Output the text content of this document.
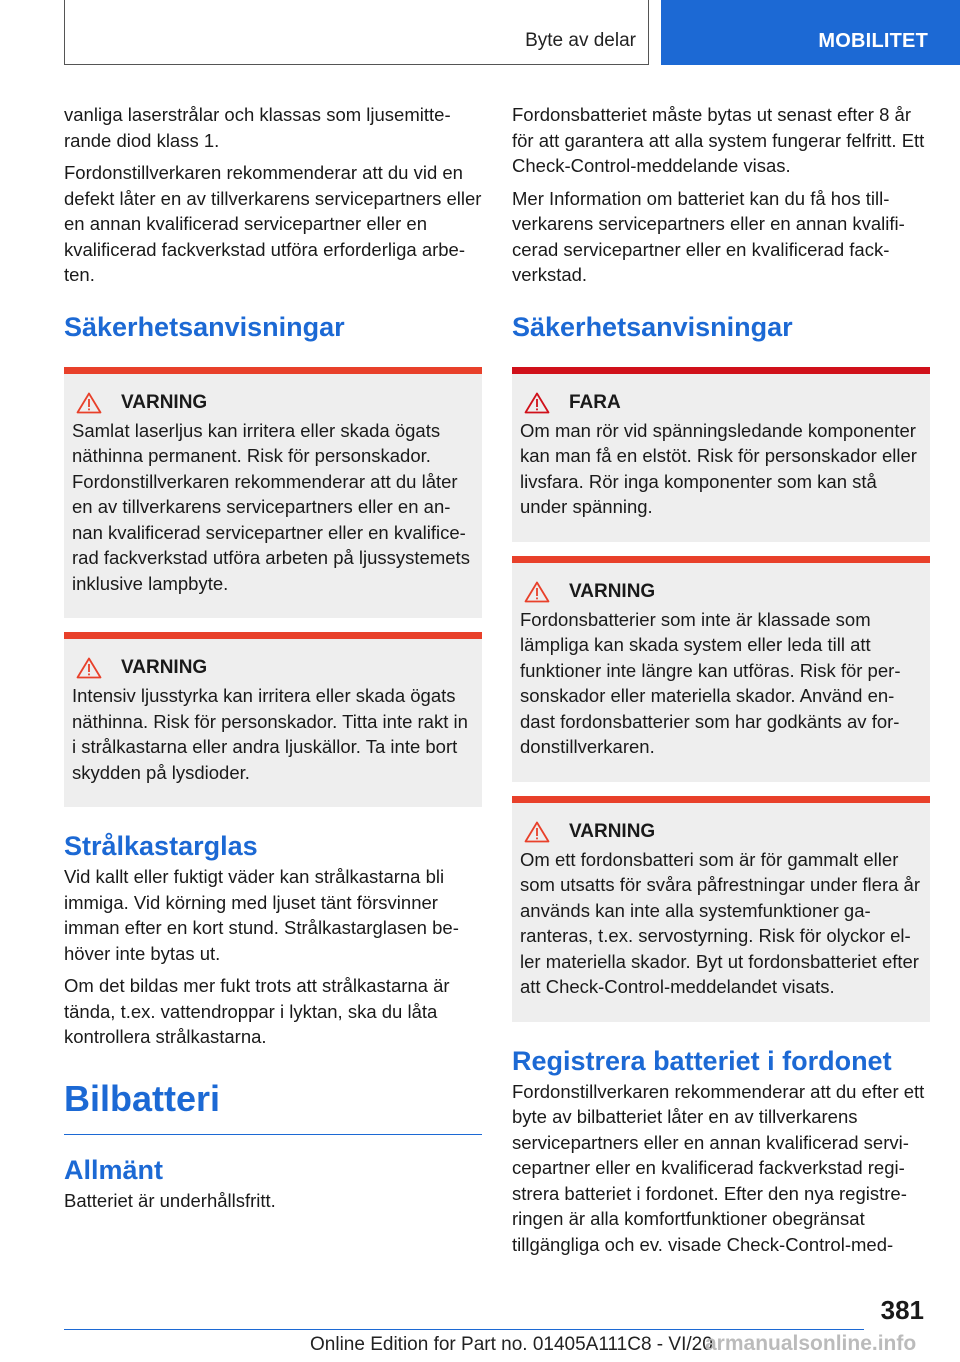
Byte av delar	MOBILITET

vanliga laserstrålar och klassas som ljusemitterande diod klass 1.

Fordonstillverkaren rekommenderar att du vid en defekt låter en av tillverkarens servicepartners eller en annan kvalificerad servicepartner eller en kvalificerad fackverkstad utföra erforderliga arbeten.

Säkerhetsanvisningar
VARNING
Samlat laserljus kan irritera eller skada ögats näthinna permanent. Risk för personskador. Fordonstillverkaren rekommenderar att du låter en av tillverkarens servicepartners eller en annan kvalificerad servicepartner eller en kvalificerad fackverkstad utföra arbeten på ljussystemets inklusive lampbyte.
VARNING
Intensiv ljusstyrka kan irritera eller skada ögats näthinna. Risk för personskador. Titta inte rakt in i strålkastarna eller andra ljuskällor. Ta inte bort skydden på lysdioder.
Strålkastarglas

Vid kallt eller fuktigt väder kan strålkastarna bli immiga. Vid körning med ljuset tänt försvinner imman efter en kort stund. Strålkastarglasen behöver inte bytas ut.

Om det bildas mer fukt trots att strålkastarna är tända, t.ex. vattendroppar i lyktan, ska du låta kontrollera strålkastarna.

Bilbatteri
Allmänt

Batteriet är underhållsfritt.

Fordonsbatteriet måste bytas ut senast efter 8 år för att garantera att alla system fungerar felfritt. Ett Check-Control-meddelande visas.

Mer Information om batteriet kan du få hos tillverkarens servicepartners eller en annan kvalificerad servicepartner eller en kvalificerad fackverkstad.

Säkerhetsanvisningar
FARA
Om man rör vid spänningsledande komponenter kan man få en elstöt. Risk för personskador eller livsfara. Rör inga komponenter som kan stå under spänning.
VARNING
Fordonsbatterier som inte är klassade som lämpliga kan skada system eller leda till att funktioner inte längre kan utföras. Risk för personskador eller materiella skador. Använd endast fordonsbatterier som har godkänts av fordonstillverkaren.
VARNING
Om ett fordonsbatteri som är för gammalt eller som utsatts för svåra påfrestningar under flera år används kan inte alla systemfunktioner garanteras, t.ex. servostyrning. Risk för olyckor eller materiella skador. Byt ut fordonsbatteriet efter att Check-Control-meddelandet visats.
Registrera batteriet i fordonet

Fordonstillverkaren rekommenderar att du efter ett byte av bilbatteriet låter en av tillverkarens servicepartners eller en annan kvalificerad servicepartner eller en kvalificerad fackverkstad registrera batteriet i fordonet. Efter den nya registreringen är alla komfortfunktioner obegränsat tillgängliga och ev. visade Check-Control-med-

381
Online Edition for Part no. 01405A111C8 - VI/20
armanualsonline.info
